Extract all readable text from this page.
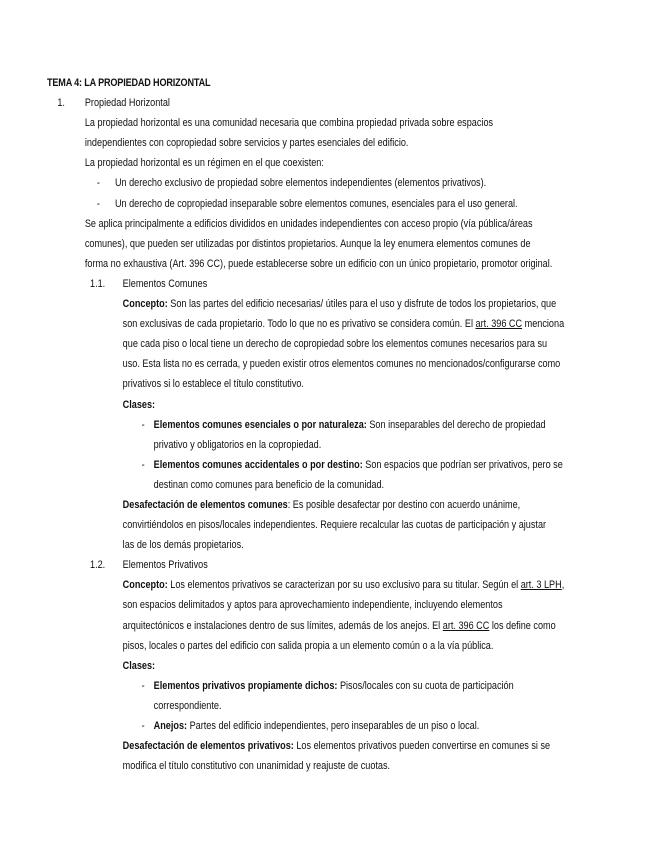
TEMA 4: LA PROPIEDAD HORIZONTAL

1.	Propiedad Horizontal

La propiedad horizontal es una comunidad necesaria que combina propiedad privada sobre espacios

independientes con copropiedad sobre servicios y partes esenciales del edificio.

La propiedad horizontal es un régimen en el que coexisten:

-	Un derecho exclusivo de propiedad sobre elementos independientes (elementos privativos).

-	Un derecho de copropiedad inseparable sobre elementos comunes, esenciales para el uso general.

Se aplica principalmente a edificios divididos en unidades independientes con acceso propio (vía pública/áreas

comunes), que pueden ser utilizadas por distintos propietarios. Aunque la ley enumera elementos comunes de

forma no exhaustiva (Art. 396 CC), puede establecerse sobre un edificio con un único propietario, promotor original.

1.1.	Elementos Comunes

Concepto: Son las partes del edificio necesarias/ útiles para el uso y disfrute de todos los propietarios, que

son exclusivas de cada propietario. Todo lo que no es privativo se considera común. El art. 396 CC menciona

que cada piso o local tiene un derecho de copropiedad sobre los elementos comunes necesarios para su

uso. Esta lista no es cerrada, y pueden existir otros elementos comunes no mencionados/configurarse como

privativos si lo establece el título constitutivo.

Clases:

- Elementos comunes esenciales o por naturaleza: Son inseparables del derecho de propiedad

privativo y obligatorios en la copropiedad.

- Elementos comunes accidentales o por destino: Son espacios que podrían ser privativos, pero se

destinan como comunes para beneficio de la comunidad.

Desafectación de elementos comunes: Es posible desafectar por destino con acuerdo unánime,

convirtiéndolos en pisos/locales independientes. Requiere recalcular las cuotas de participación y ajustar

las de los demás propietarios.

1.2.	Elementos Privativos

Concepto: Los elementos privativos se caracterizan por su uso exclusivo para su titular. Según el art. 3 LPH,

son espacios delimitados y aptos para aprovechamiento independiente, incluyendo elementos

arquitectónicos e instalaciones dentro de sus límites, además de los anejos. El art. 396 CC los define como

pisos, locales o partes del edificio con salida propia a un elemento común o a la vía pública.

Clases:

- Elementos privativos propiamente dichos: Pisos/locales con su cuota de participación

correspondiente.

- Anejos: Partes del edificio independientes, pero inseparables de un piso o local.

Desafectación de elementos privativos: Los elementos privativos pueden convertirse en comunes si se

modifica el título constitutivo con unanimidad y reajuste de cuotas.
